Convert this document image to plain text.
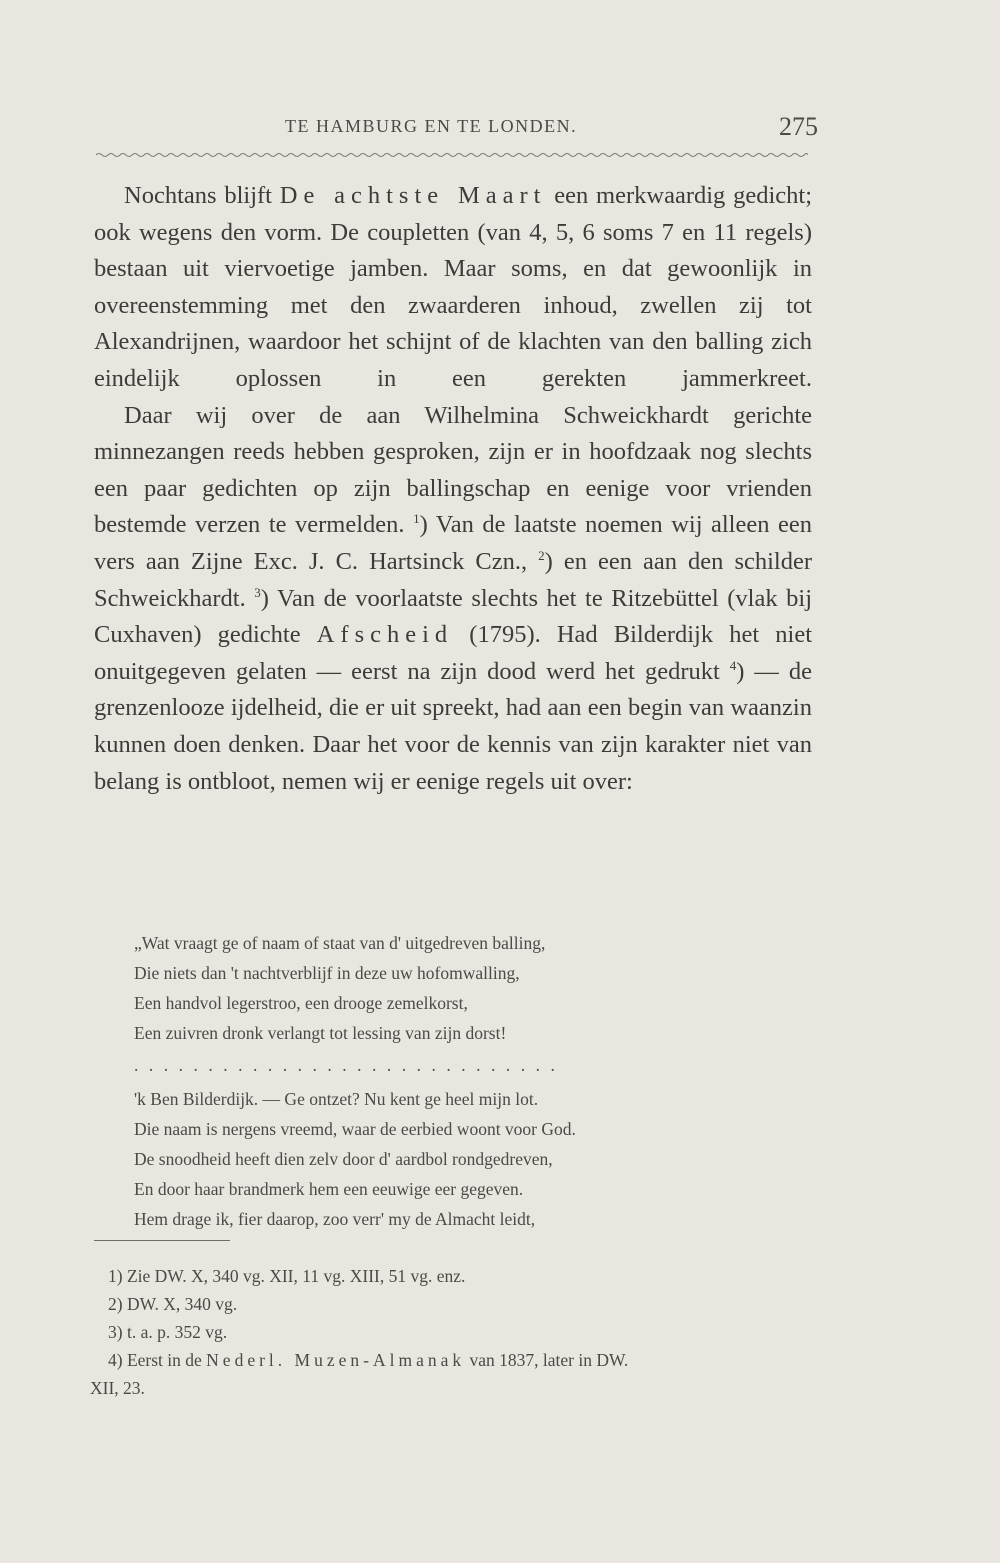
TE HAMBURG EN TE LONDEN.	275

Nochtans blijft De achtste Maart een merkwaardig gedicht; ook wegens den vorm. De coupletten (van 4, 5, 6 soms 7 en 11 regels) bestaan uit viervoetige jamben. Maar soms, en dat gewoonlijk in overeenstemming met den zwaarderen inhoud, zwellen zij tot Alexandrijnen, waardoor het schijnt of de klachten van den balling zich eindelijk oplossen in een gerekten jammerkreet.

Daar wij over de aan Wilhelmina Schweickhardt gerichte minnezangen reeds hebben gesproken, zijn er in hoofdzaak nog slechts een paar gedichten op zijn ballingschap en eenige voor vrienden bestemde verzen te vermelden. $^1$) Van de laatste noemen wij alleen een vers aan Zijne Exc. J. C. Hartsinck Czn., $^2$) en een aan den schilder Schweickhardt. $^3$) Van de voorlaatste slechts het te Ritzebüttel (vlak bij Cuxhaven) gedichte Afscheid (1795). Had Bilderdijk het niet onuitgegeven gelaten — eerst na zijn dood werd het gedrukt $^4$) — de grenzenlooze ijdelheid, die er uit spreekt, had aan een begin van waanzin kunnen doen denken. Daar het voor de kennis van zijn karakter niet van belang is ontbloot, nemen wij er eenige regels uit over:

„Wat vraagt ge of naam of staat van d' uitgedreven balling,
Die niets dan 't nachtverblijf in deze uw hofomwalling,
Een handvol legerstroo, een drooge zemelkorst,
Een zuivren dronk verlangt tot lessing van zijn dorst!
.............................
'k Ben Bilderdijk. — Ge ontzet? Nu kent ge heel mijn lot.
Die naam is nergens vreemd, waar de eerbied woont voor God.
De snoodheid heeft dien zelv door d' aardbol rondgedreven,
En door haar brandmerk hem een eeuwige eer gegeven.
Hem drage ik, fier daarop, zoo verr' my de Almacht leidt,
1) Zie DW. X, 340 vg. XII, 11 vg. XIII, 51 vg. enz.
2) DW. X, 340 vg.
3) t. a. p. 352 vg.
4) Eerst in de Nederl. Muzen-Almanak van 1837, later in DW.
XII, 23.
